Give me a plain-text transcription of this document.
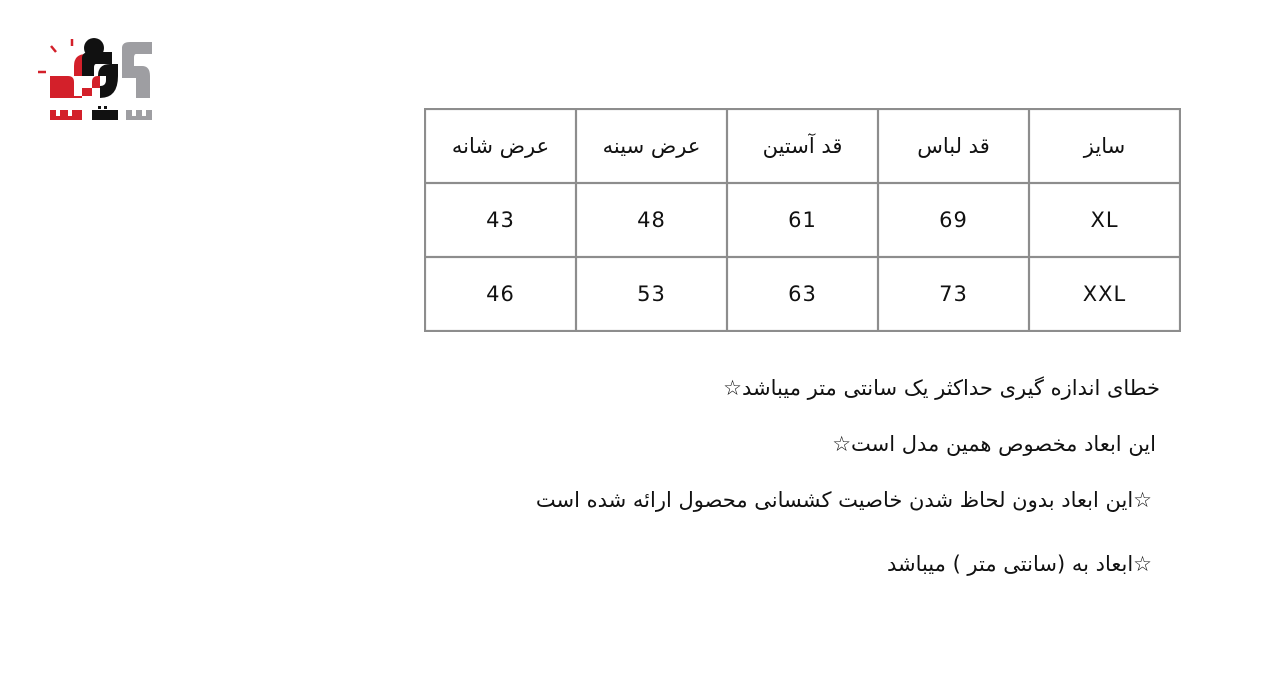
سایز	قد لباس	قد آستین	عرض سینه	عرض شانه
XL	69	61	48	43
XXL	73	63	53	46
خطای اندازه گیری حداکثر یک سانتی متر میباشد☆
این ابعاد مخصوص همین مدل است☆
☆این ابعاد بدون لحاظ شدن خاصیت کشسانی محصول ارائه شده است
☆ابعاد به (سانتی متر ) میباشد
